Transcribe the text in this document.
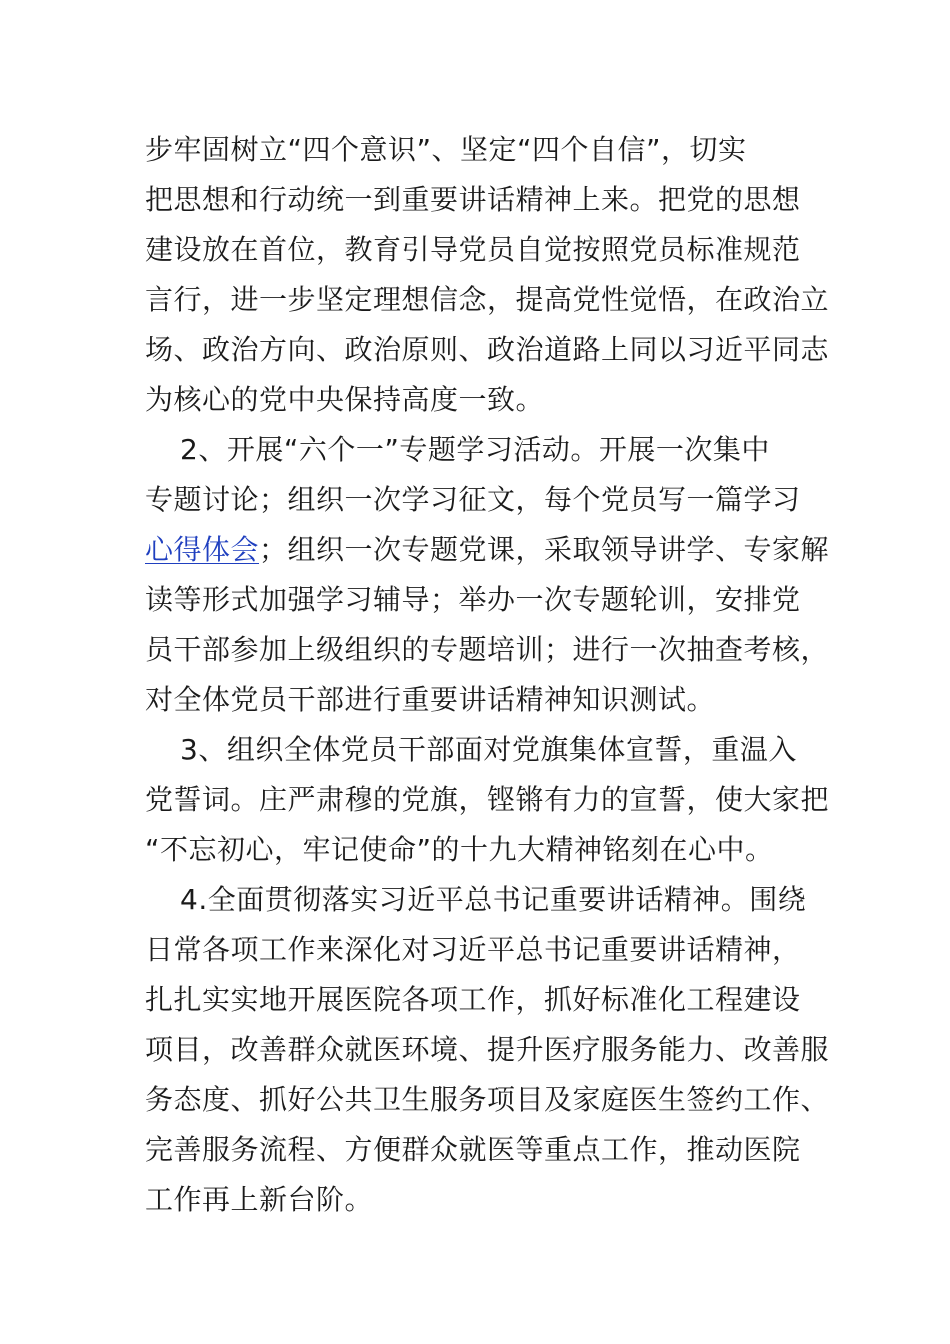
步牢固树立“四个意识”、坚定“四个自信”，切实
把思想和行动统一到重要讲话精神上来。把党的思想
建设放在首位，教育引导党员自觉按照党员标准规范
言行，进一步坚定理想信念，提高党性觉悟，在政治立
场、政治方向、政治原则、政治道路上同以习近平同志
为核心的党中央保持高度一致。
2、开展“六个一”专题学习活动。开展一次集中
专题讨论；组织一次学习征文，每个党员写一篇学习
心得体会；组织一次专题党课，采取领导讲学、专家解
读等形式加强学习辅导；举办一次专题轮训，安排党
员干部参加上级组织的专题培训；进行一次抽查考核，
对全体党员干部进行重要讲话精神知识测试。
3、组织全体党员干部面对党旗集体宣誓，重温入
党誓词。庄严肃穆的党旗，铿锵有力的宣誓，使大家把
“不忘初心，牢记使命”的十九大精神铭刻在心中。
4.全面贯彻落实习近平总书记重要讲话精神。围绕
日常各项工作来深化对习近平总书记重要讲话精神，
扎扎实实地开展医院各项工作，抓好标准化工程建设
项目，改善群众就医环境、提升医疗服务能力、改善服
务态度、抓好公共卫生服务项目及家庭医生签约工作、
完善服务流程、方便群众就医等重点工作，推动医院
工作再上新台阶。
